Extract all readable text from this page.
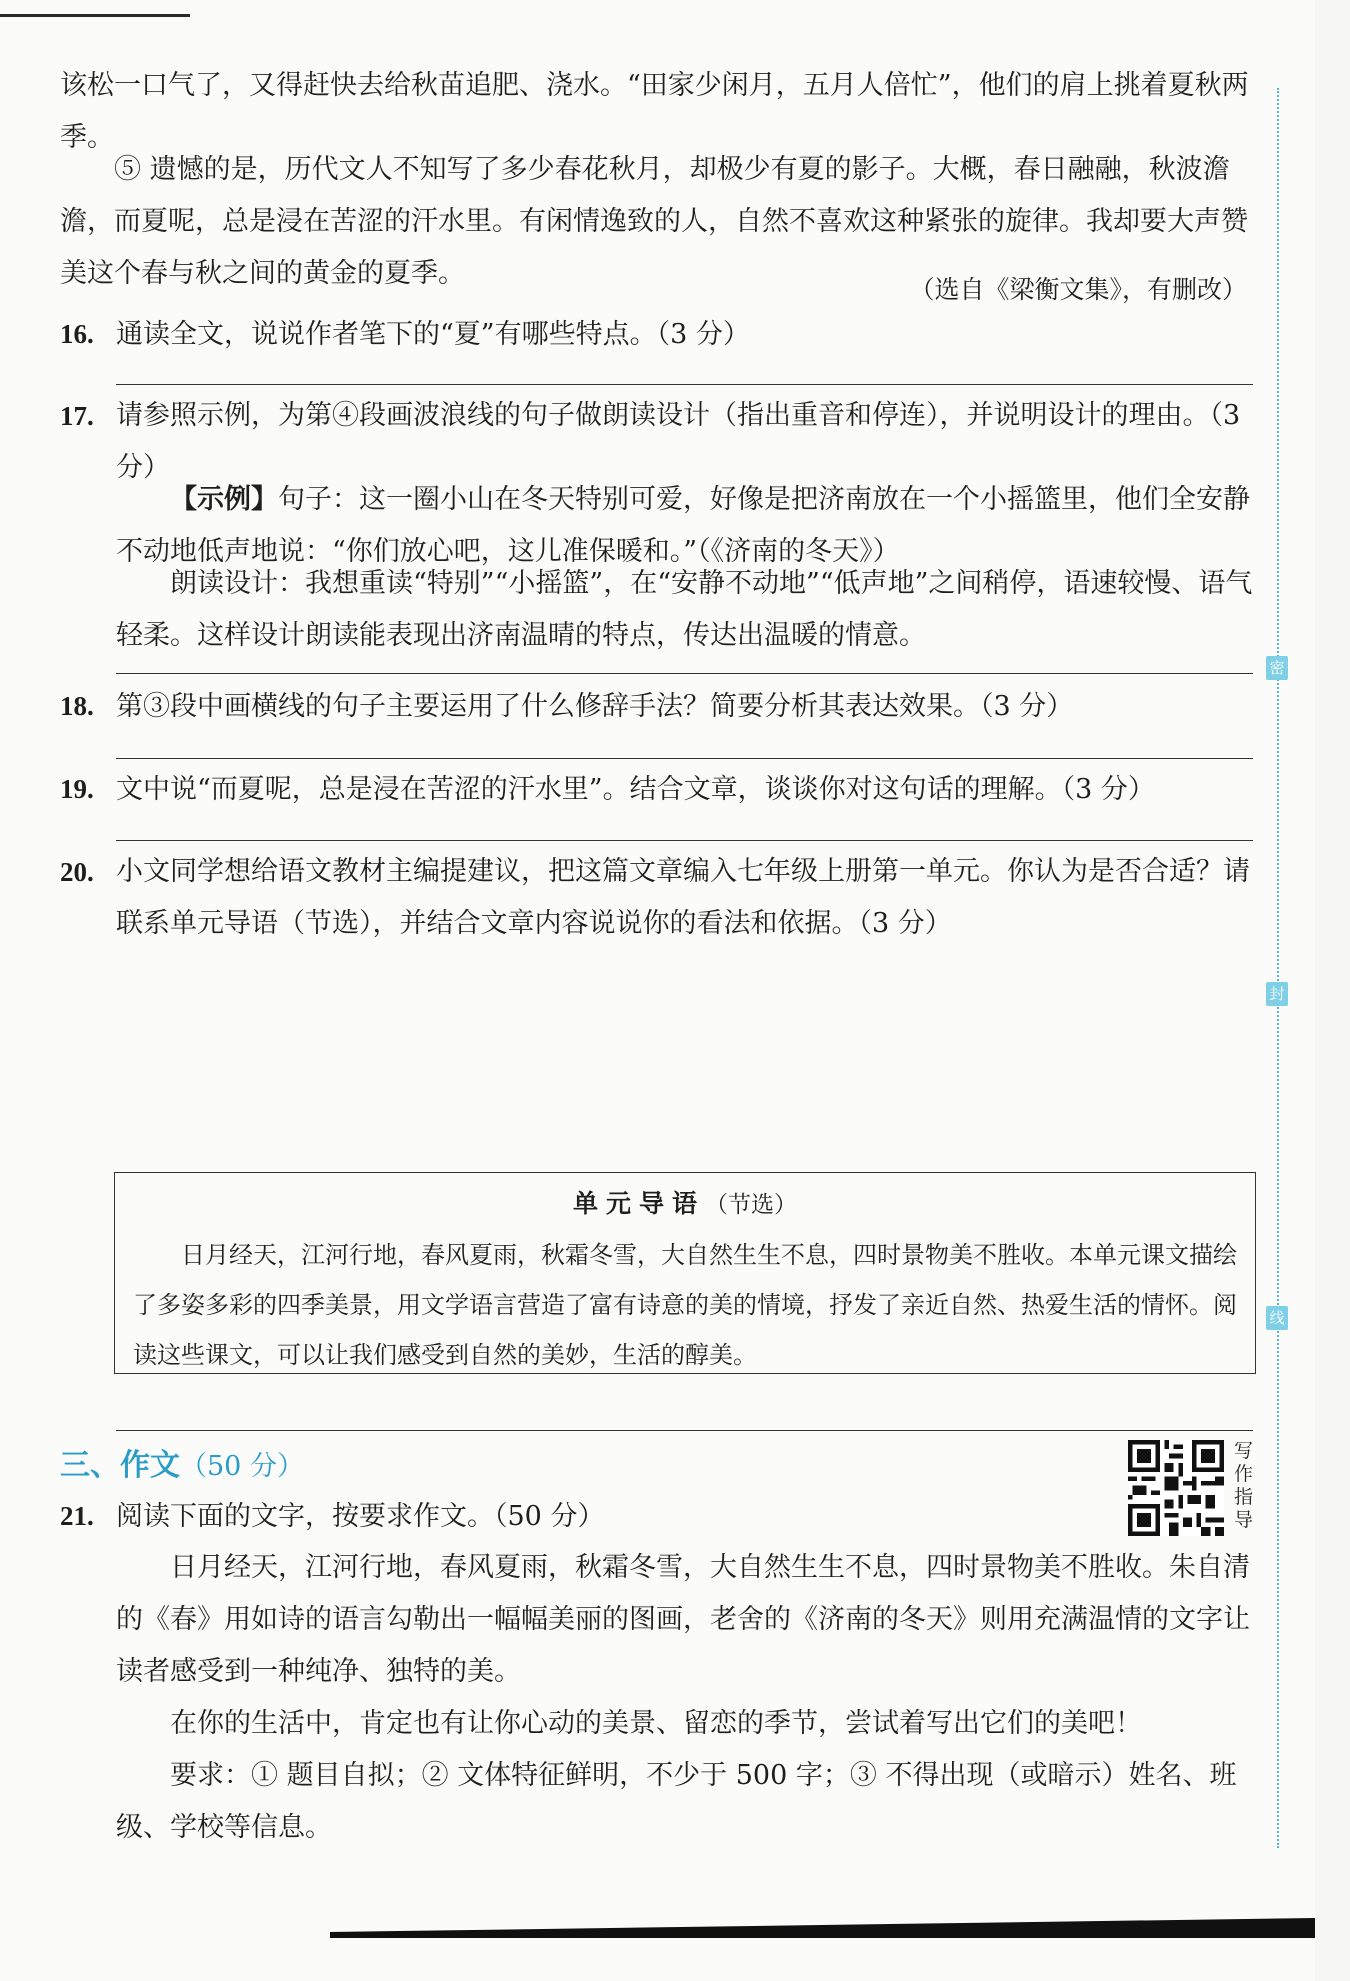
该松一口气了，又得赶快去给秋苗追肥、浇水。“田家少闲月，五月人倍忙”，他们的肩上挑着夏秋两季。

⑤ 遗憾的是，历代文人不知写了多少春花秋月，却极少有夏的影子。大概，春日融融，秋波澹澹，而夏呢，总是浸在苦涩的汗水里。有闲情逸致的人，自然不喜欢这种紧张的旋律。我却要大声赞美这个春与秋之间的黄金的夏季。

（选自《梁衡文集》，有删改）
16. 通读全文，说说作者笔下的“夏”有哪些特点。（3 分）
17. 请参照示例，为第④段画波浪线的句子做朗读设计（指出重音和停连），并说明设计的理由。（3 分）

【示例】句子：这一圈小山在冬天特别可爱，好像是把济南放在一个小摇篮里，他们全安静不动地低声地说：“你们放心吧，这儿准保暖和。”（《济南的冬天》）

朗读设计：我想重读“特别”“小摇篮”，在“安静不动地”“低声地”之间稍停，语速较慢、语气轻柔。这样设计朗读能表现出济南温晴的特点，传达出温暖的情意。

18. 第③段中画横线的句子主要运用了什么修辞手法？简要分析其表达效果。（3 分）
19. 文中说“而夏呢，总是浸在苦涩的汗水里”。结合文章，谈谈你对这句话的理解。（3 分）
20. 小文同学想给语文教材主编提建议，把这篇文章编入七年级上册第一单元。你认为是否合适？请联系单元导语（节选），并结合文章内容说说你的看法和依据。（3 分）
单元导语（节选）

日月经天，江河行地，春风夏雨，秋霜冬雪，大自然生生不息，四时景物美不胜收。本单元课文描绘了多姿多彩的四季美景，用文学语言营造了富有诗意的美的情境，抒发了亲近自然、热爱生活的情怀。阅读这些课文，可以让我们感受到自然的美妙，生活的醇美。

三、作文（50 分）	写作指导
21. 阅读下面的文字，按要求作文。（50 分）

日月经天，江河行地，春风夏雨，秋霜冬雪，大自然生生不息，四时景物美不胜收。朱自清的《春》用如诗的语言勾勒出一幅幅美丽的图画，老舍的《济南的冬天》则用充满温情的文字让读者感受到一种纯净、独特的美。

在你的生活中，肯定也有让你心动的美景、留恋的季节，尝试着写出它们的美吧！

要求：① 题目自拟；② 文体特征鲜明，不少于 500 字；③ 不得出现（或暗示）姓名、班级、学校等信息。

密
封
线
